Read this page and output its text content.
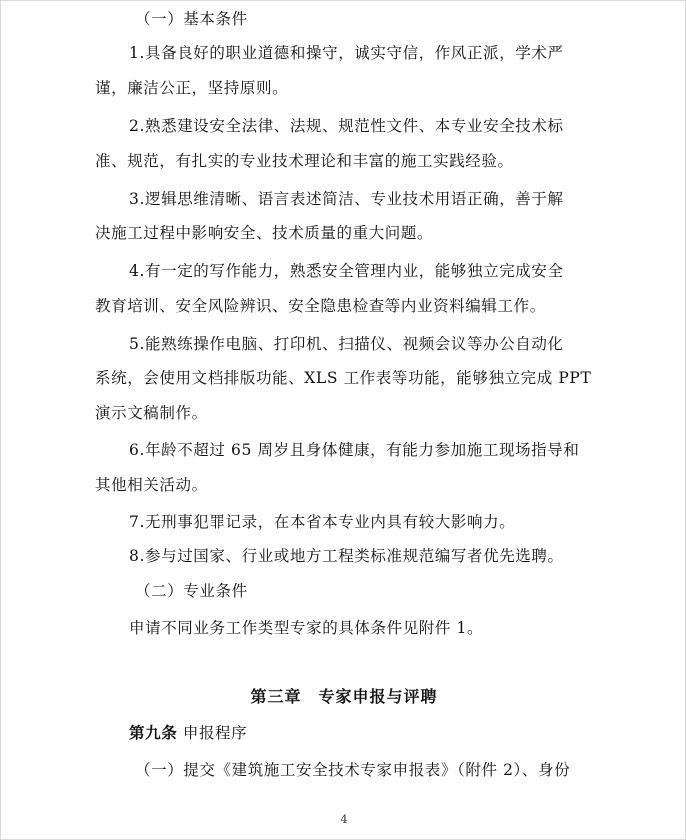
（一）基本条件
1.具备良好的职业道德和操守，诚实守信，作风正派，学术严
谨，廉洁公正，坚持原则。
2.熟悉建设安全法律、法规、规范性文件、本专业安全技术标
准、规范，有扎实的专业技术理论和丰富的施工实践经验。
3.逻辑思维清晰、语言表述简洁、专业技术用语正确，善于解
决施工过程中影响安全、技术质量的重大问题。
4.有一定的写作能力，熟悉安全管理内业，能够独立完成安全
教育培训、安全风险辨识、安全隐患检查等内业资料编辑工作。
5.能熟练操作电脑、打印机、扫描仪、视频会议等办公自动化
系统，会使用文档排版功能、XLS 工作表等功能，能够独立完成 PPT
演示文稿制作。
6.年龄不超过 65 周岁且身体健康，有能力参加施工现场指导和
其他相关活动。
7.无刑事犯罪记录，在本省本专业内具有较大影响力。
8.参与过国家、行业或地方工程类标准规范编写者优先选聘。
（二）专业条件
申请不同业务工作类型专家的具体条件见附件 1。
第三章　专家申报与评聘
第九条 申报程序
（一）提交《建筑施工安全技术专家申报表》（附件 2）、身份
4
